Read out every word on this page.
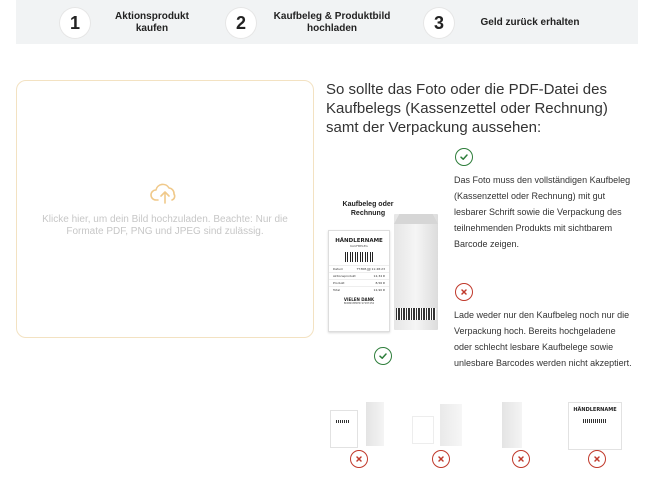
1	Aktionsprodukt
kaufen	2	Kaufbeleg & Produktbild
hochladen	3	Geld zurück erhalten
Klicke hier, um dein Bild hochzuladen. Beachte: Nur die Formate PDF, PNG und JPEG sind zulässig.
So sollte das Foto oder die PDF-Datei des Kaufbelegs (Kassenzettel oder Rechnung) samt der Verpackung aussehen:
Kaufbeleg oder
Rechnung
HÄNDLERNAME
KAUFBELEG
Datum	TT.MM.JJJJ 11:48:23
Aktionsprodukt	12,34 €
Produkt	8,56 €
Total	12,90 €
VIELEN DANK
BONNUMMER 97287450
Das Foto muss den vollständigen Kaufbeleg (Kassenzettel oder Rechnung) mit gut lesbarer Schrift sowie die Verpackung des teilnehmenden Produkts mit sichtbarem Barcode zeigen.
Lade weder nur den Kaufbeleg noch nur die Verpackung hoch. Bereits hochgeladene oder schlecht lesbare Kaufbelege sowie unlesbare Barcodes werden nicht akzeptiert.
HÄNDLERNAME
